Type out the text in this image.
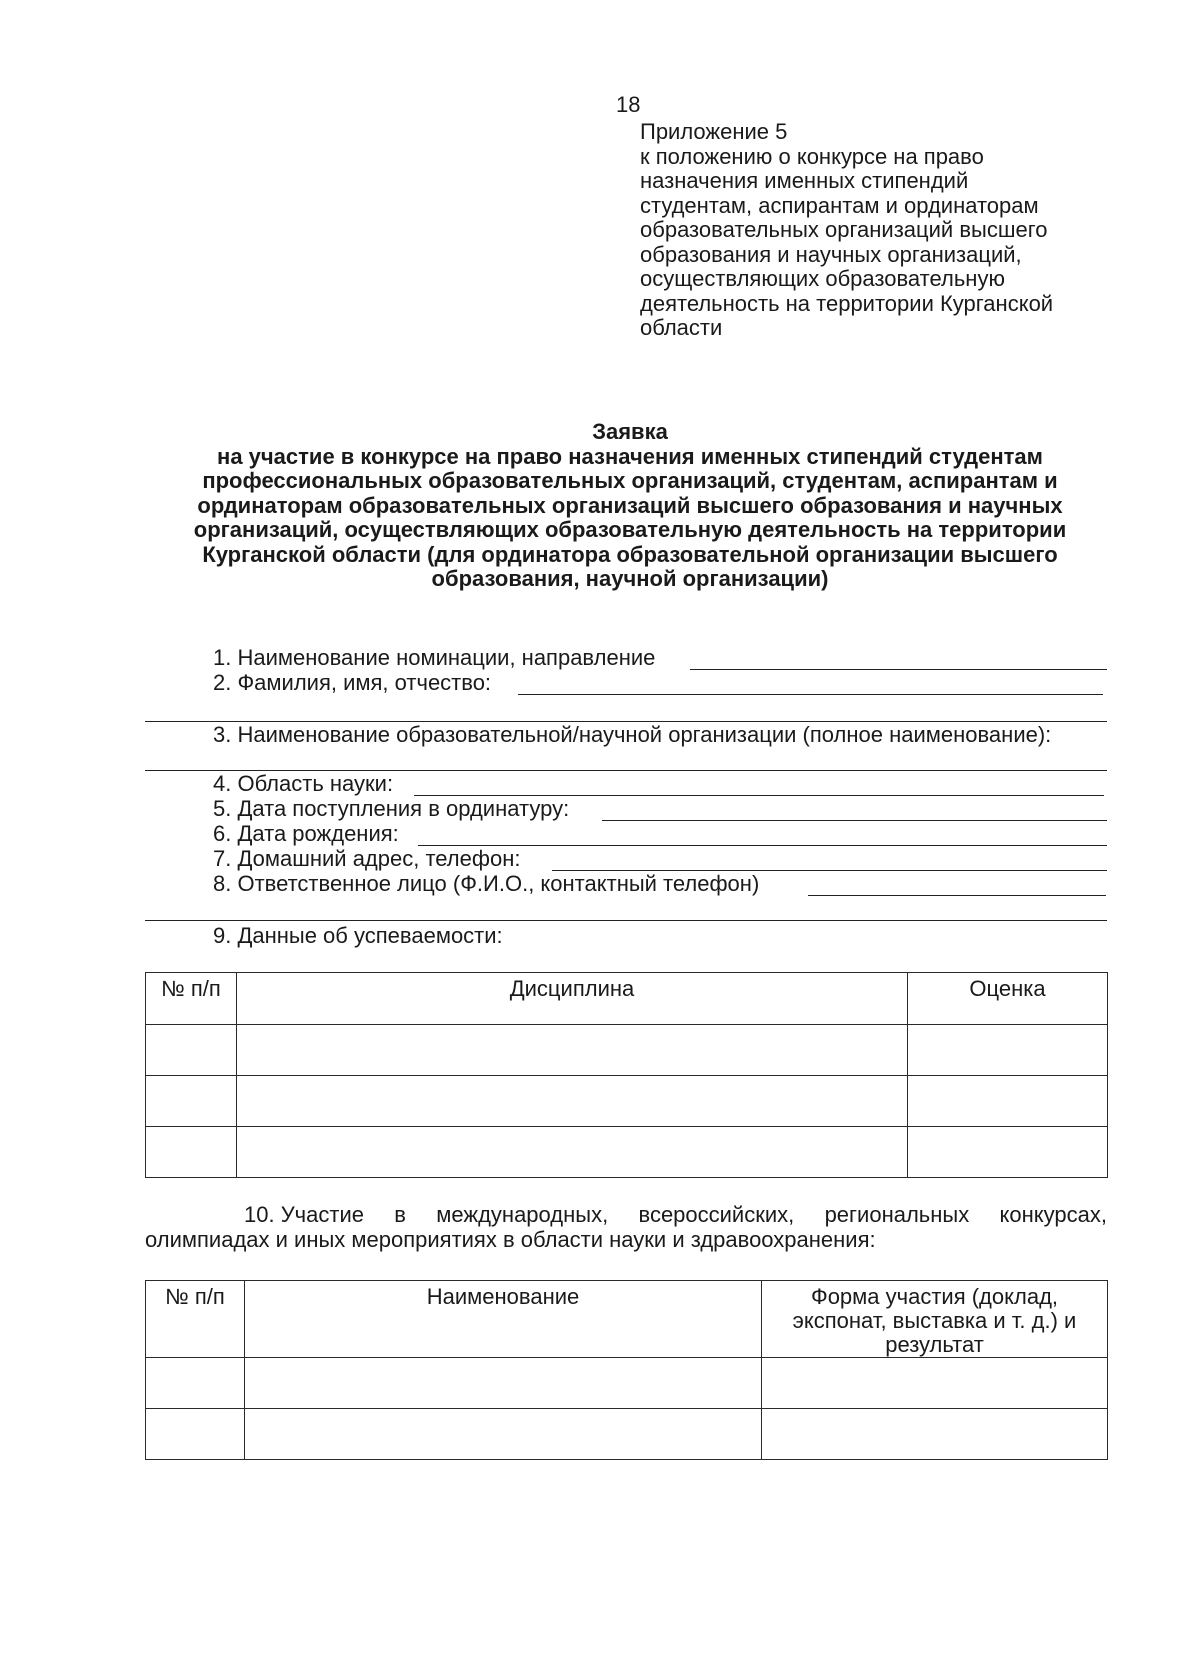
18
Приложение 5
к положению о конкурсе на право
назначения именных стипендий
студентам, аспирантам и ординаторам
образовательных организаций высшего
образования и научных организаций,
осуществляющих образовательную
деятельность на территории Курганской
области
Заявка
на участие в конкурсе на право назначения именных стипендий студентам
профессиональных образовательных организаций, студентам, аспирантам и
ординаторам образовательных организаций высшего образования и научных
организаций, осуществляющих образовательную деятельность на территории
Курганской области (для ординатора образовательной организации высшего
образования, научной организации)
1. Наименование номинации, направление
2. Фамилия, имя, отчество:
3. Наименование образовательной/научной организации (полное наименование):
4. Область науки:
5. Дата поступления в ординатуру:
6. Дата рождения:
7. Домашний адрес, телефон:
8. Ответственное лицо (Ф.И.О., контактный телефон)
9. Данные об успеваемости:
№ п/п	Дисциплина	Оценка

10. Участие в международных, всероссийских, региональных конкурсах,
олимпиадах и иных мероприятиях в области науки и здравоохранения:
№ п/п	Наименование	Форма участия (доклад, экспонат, выставка и т. д.) и результат
